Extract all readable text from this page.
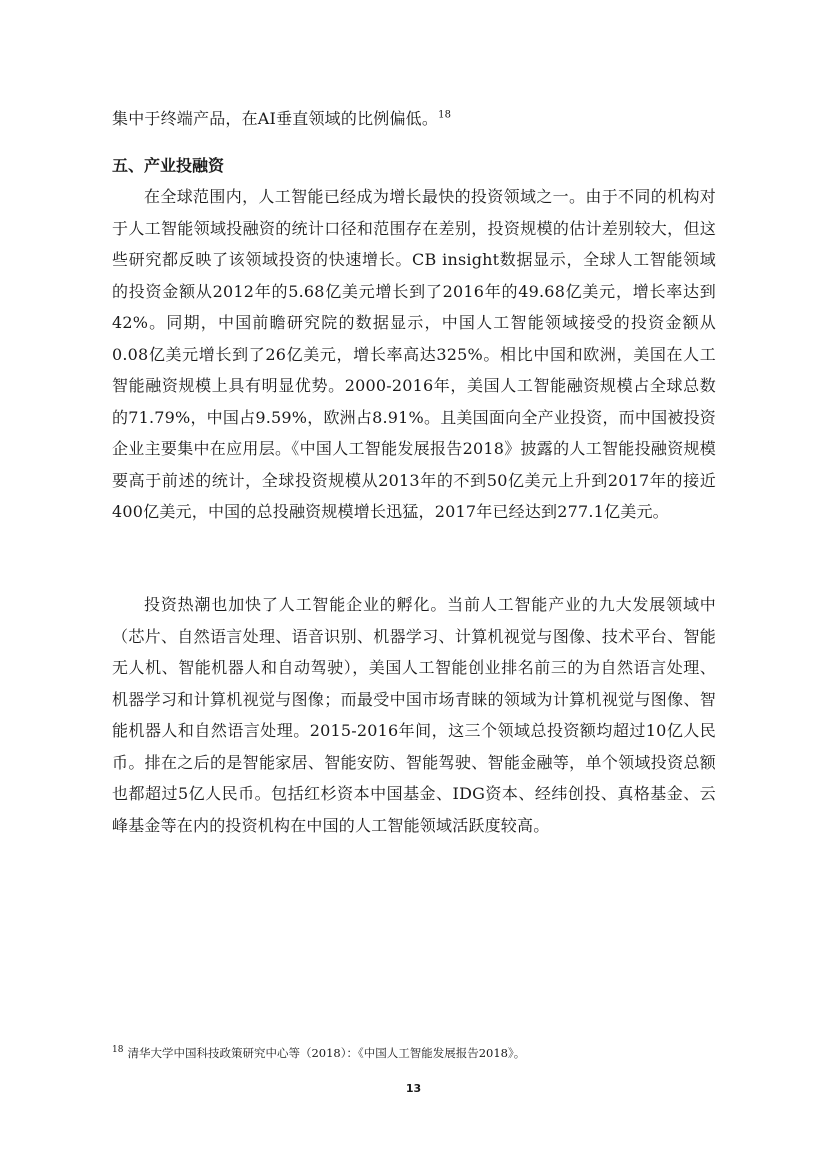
集中于终端产品，在AI垂直领域的比例偏低。$^{18}$
五、产业投融资
在全球范围内，人工智能已经成为增长最快的投资领域之一。由于不同的机构对于人工智能领域投融资的统计口径和范围存在差别，投资规模的估计差别较大，但这些研究都反映了该领域投资的快速增长。CB insight数据显示，全球人工智能领域的投资金额从2012年的5.68亿美元增长到了2016年的49.68亿美元，增长率达到42%。同期，中国前瞻研究院的数据显示，中国人工智能领域接受的投资金额从0.08亿美元增长到了26亿美元，增长率高达325%。相比中国和欧洲，美国在人工智能融资规模上具有明显优势。2000-2016年，美国人工智能融资规模占全球总数的71.79%，中国占9.59%，欧洲占8.91%。且美国面向全产业投资，而中国被投资企业主要集中在应用层。《中国人工智能发展报告2018》披露的人工智能投融资规模要高于前述的统计，全球投资规模从2013年的不到50亿美元上升到2017年的接近400亿美元，中国的总投融资规模增长迅猛，2017年已经达到277.1亿美元。
投资热潮也加快了人工智能企业的孵化。当前人工智能产业的九大发展领域中（芯片、自然语言处理、语音识别、机器学习、计算机视觉与图像、技术平台、智能无人机、智能机器人和自动驾驶），美国人工智能创业排名前三的为自然语言处理、机器学习和计算机视觉与图像；而最受中国市场青睐的领域为计算机视觉与图像、智能机器人和自然语言处理。2015-2016年间，这三个领域总投资额均超过10亿人民币。排在之后的是智能家居、智能安防、智能驾驶、智能金融等，单个领域投资总额也都超过5亿人民币。包括红杉资本中国基金、IDG资本、经纬创投、真格基金、云峰基金等在内的投资机构在中国的人工智能领域活跃度较高。
$^{18}$ 清华大学中国科技政策研究中心等（2018）：《中国人工智能发展报告2018》。
13
